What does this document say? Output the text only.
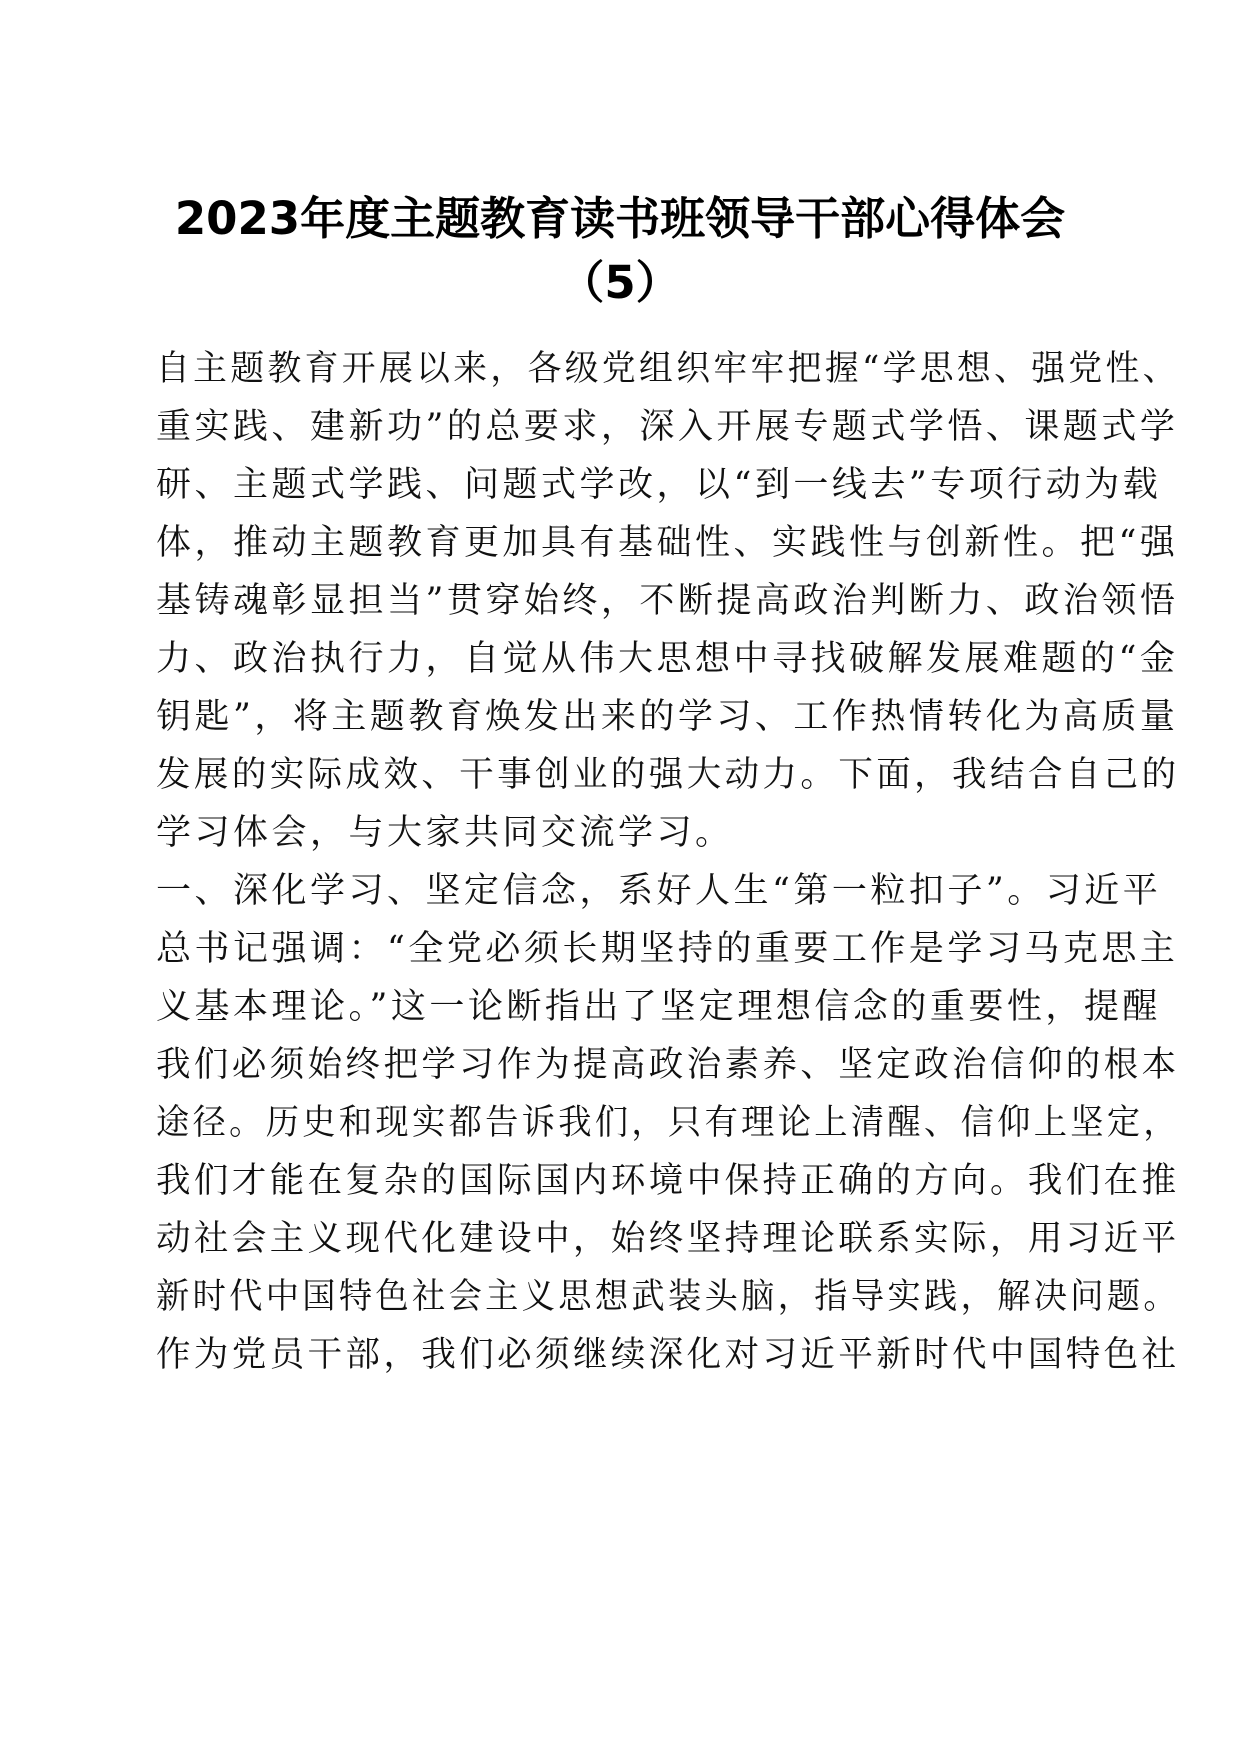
2023年度主题教育读书班领导干部心得体会
（5）
自主题教育开展以来，各级党组织牢牢把握“学思想、强党性、
重实践、建新功”的总要求，深入开展专题式学悟、课题式学
研、主题式学践、问题式学改，以“到一线去”专项行动为载
体，推动主题教育更加具有基础性、实践性与创新性。把“强
基铸魂彰显担当”贯穿始终，不断提高政治判断力、政治领悟
力、政治执行力，自觉从伟大思想中寻找破解发展难题的“金
钥匙”，将主题教育焕发出来的学习、工作热情转化为高质量
发展的实际成效、干事创业的强大动力。下面，我结合自己的
学习体会，与大家共同交流学习。
一、深化学习、坚定信念，系好人生“第一粒扣子”。习近平
总书记强调：“全党必须长期坚持的重要工作是学习马克思主
义基本理论。”这一论断指出了坚定理想信念的重要性，提醒
我们必须始终把学习作为提高政治素养、坚定政治信仰的根本
途径。历史和现实都告诉我们，只有理论上清醒、信仰上坚定，
我们才能在复杂的国际国内环境中保持正确的方向。我们在推
动社会主义现代化建设中，始终坚持理论联系实际，用习近平
新时代中国特色社会主义思想武装头脑，指导实践，解决问题。
作为党员干部，我们必须继续深化对习近平新时代中国特色社
